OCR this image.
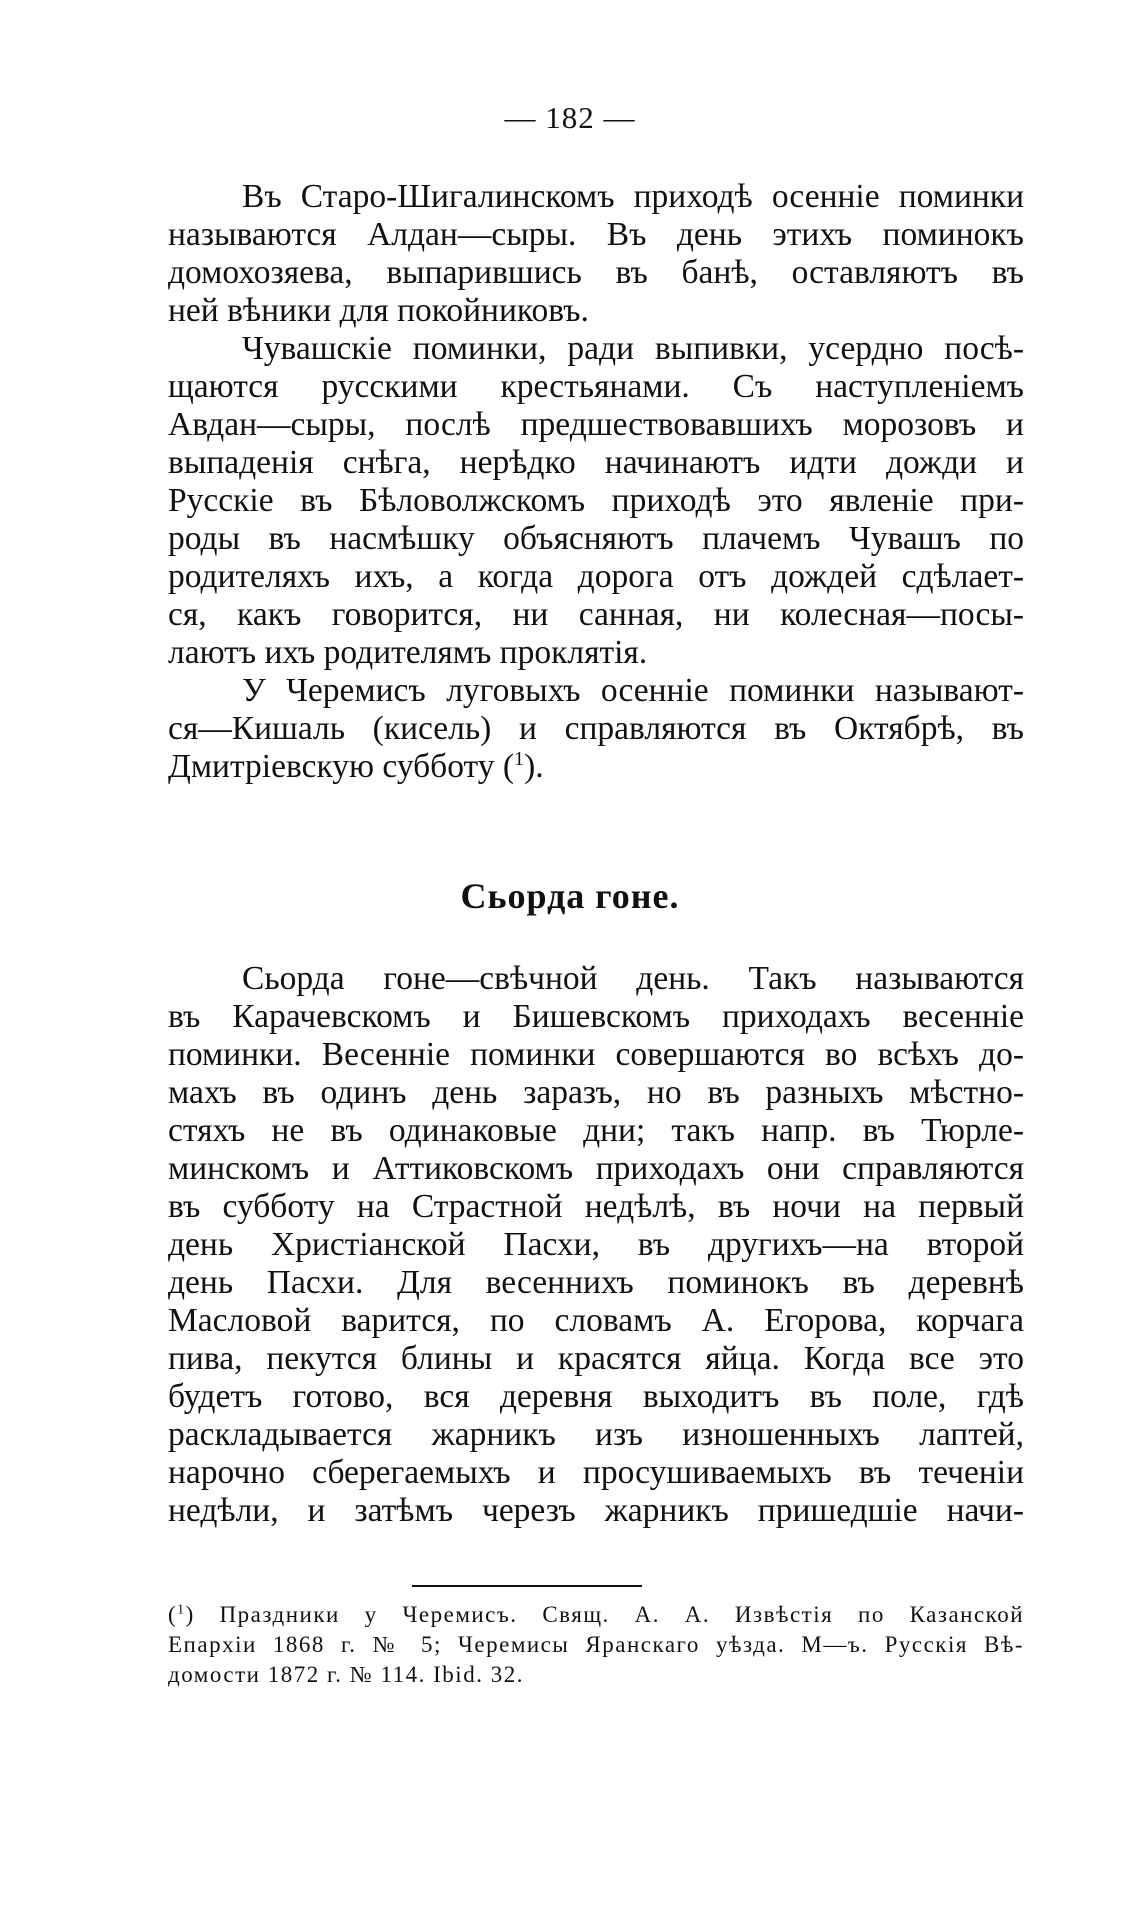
— 182 —

Въ Старо-Шигалинскомъ приходѣ осеннiе поминки
называются Алдан—сыры. Въ день этихъ поминокъ
домохозяева, выпарившись въ банѣ, оставляютъ въ
ней вѣники для покойниковъ.

Чувашскiе поминки, ради выпивки, усердно посѣ-
щаются русскими крестьянами. Съ наступленiемъ
Авдан—сыры, послѣ предшествовавшихъ морозовъ и
выпаденiя снѣга, нерѣдко начинаютъ идти дожди и
Русскiе въ Бѣловолжскомъ приходѣ это явленiе при-
роды въ насмѣшку объясняютъ плачемъ Чувашъ по
родителяхъ ихъ, а когда дорога отъ дождей сдѣлает-
ся, какъ говорится, ни санная, ни колесная—посы-
лаютъ ихъ родителямъ проклятiя.

У Черемисъ луговыхъ осеннiе поминки называют-
ся—Кишаль (кисель) и справляются въ Октябрѣ, въ
Дмитрiевскую субботу ($^1$).

Сьорда гоне.

Сьорда гоне—свѣчной день. Такъ называются
въ Карачевскомъ и Бишевскомъ приходахъ весеннiе
поминки. Весеннiе поминки совершаются во всѣхъ до-
махъ въ одинъ день заразъ, но въ разныхъ мѣстно-
стяхъ не въ одинаковые дни; такъ напр. въ Тюрле-
минскомъ и Аттиковскомъ приходахъ они справляются
въ субботу на Страстной недѣлѣ, въ ночи на первый
день Христiанской Пасхи, въ другихъ—на второй
день Пасхи. Для весеннихъ поминокъ въ деревнѣ
Масловой варится, по словамъ А. Егорова, корчага
пива, пекутся блины и красятся яйца. Когда все это
будетъ готово, вся деревня выходитъ въ поле, гдѣ
раскладывается жарникъ изъ изношенныхъ лаптей,
нарочно сберегаемыхъ и просушиваемыхъ въ теченiи
недѣли, и затѣмъ черезъ жарникъ пришедшiе начи-

($^1$) Праздники у Черемисъ. Свящ. А. А. Извѣстiя по Казанской
Епархiи 1868 г. № 5; Черемисы Яранскаго уѣзда. М—ъ. Русскiя Вѣ-
домости 1872 г. № 114. Ibid. 32.
